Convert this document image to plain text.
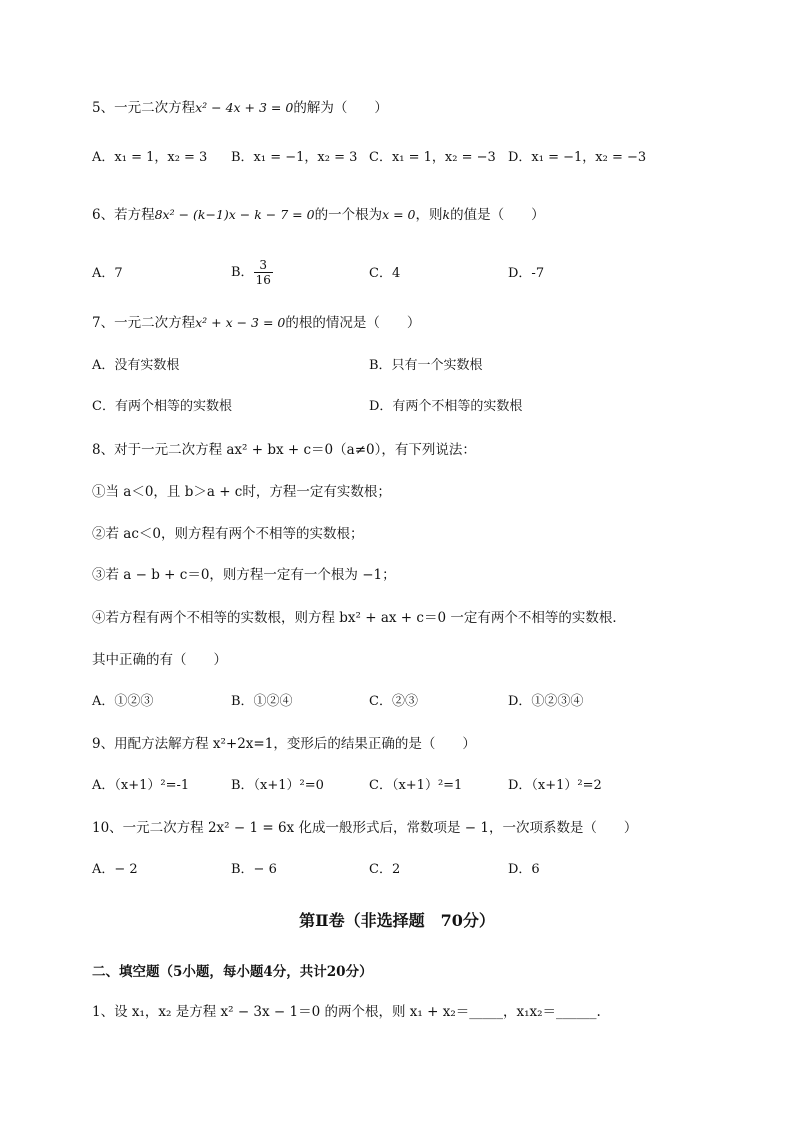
5、一元二次方程x² − 4x + 3 = 0的解为（　　）
A．x₁ = 1，x₂ = 3 B．x₁ = −1，x₂ = 3 C．x₁ = 1，x₂ = −3 D．x₁ = −1，x₂ = −3
6、若方程8x² − (k−1)x − k − 7 = 0的一个根为x = 0，则k的值是（　　）
A．7	B． $\frac{3}{16}$	C．4	D．-7
7、一元二次方程x² + x − 3 = 0的根的情况是（　　）
A．没有实数根	B．只有一个实数根
C．有两个相等的实数根	D．有两个不相等的实数根
8、对于一元二次方程 ax² + bx + c＝0（a≠0），有下列说法：
①当 a＜0，且 b＞a + c时，方程一定有实数根；
②若 ac＜0，则方程有两个不相等的实数根；
③若 a − b + c＝0，则方程一定有一个根为 −1；
④若方程有两个不相等的实数根，则方程 bx² + ax + c＝0 一定有两个不相等的实数根．
其中正确的有（　　）
A．①②③	B．①②④	C．②③	D．①②③④
9、用配方法解方程 x²+2x=1，变形后的结果正确的是（　　）
A．（x+1）²=-1	B．（x+1）²=0	C．（x+1）²=1	D．（x+1）²=2
10、一元二次方程 2x² − 1 = 6x 化成一般形式后，常数项是 − 1，一次项系数是（　　）
A．− 2	B．− 6	C．2	D．6
第Ⅱ卷（非选择题　70分）
二、填空题（5小题，每小题4分，共计20分）
1、设 x₁，x₂ 是方程 x² − 3x − 1＝0 的两个根，则 x₁ + x₂＝_____，x₁x₂＝______.
